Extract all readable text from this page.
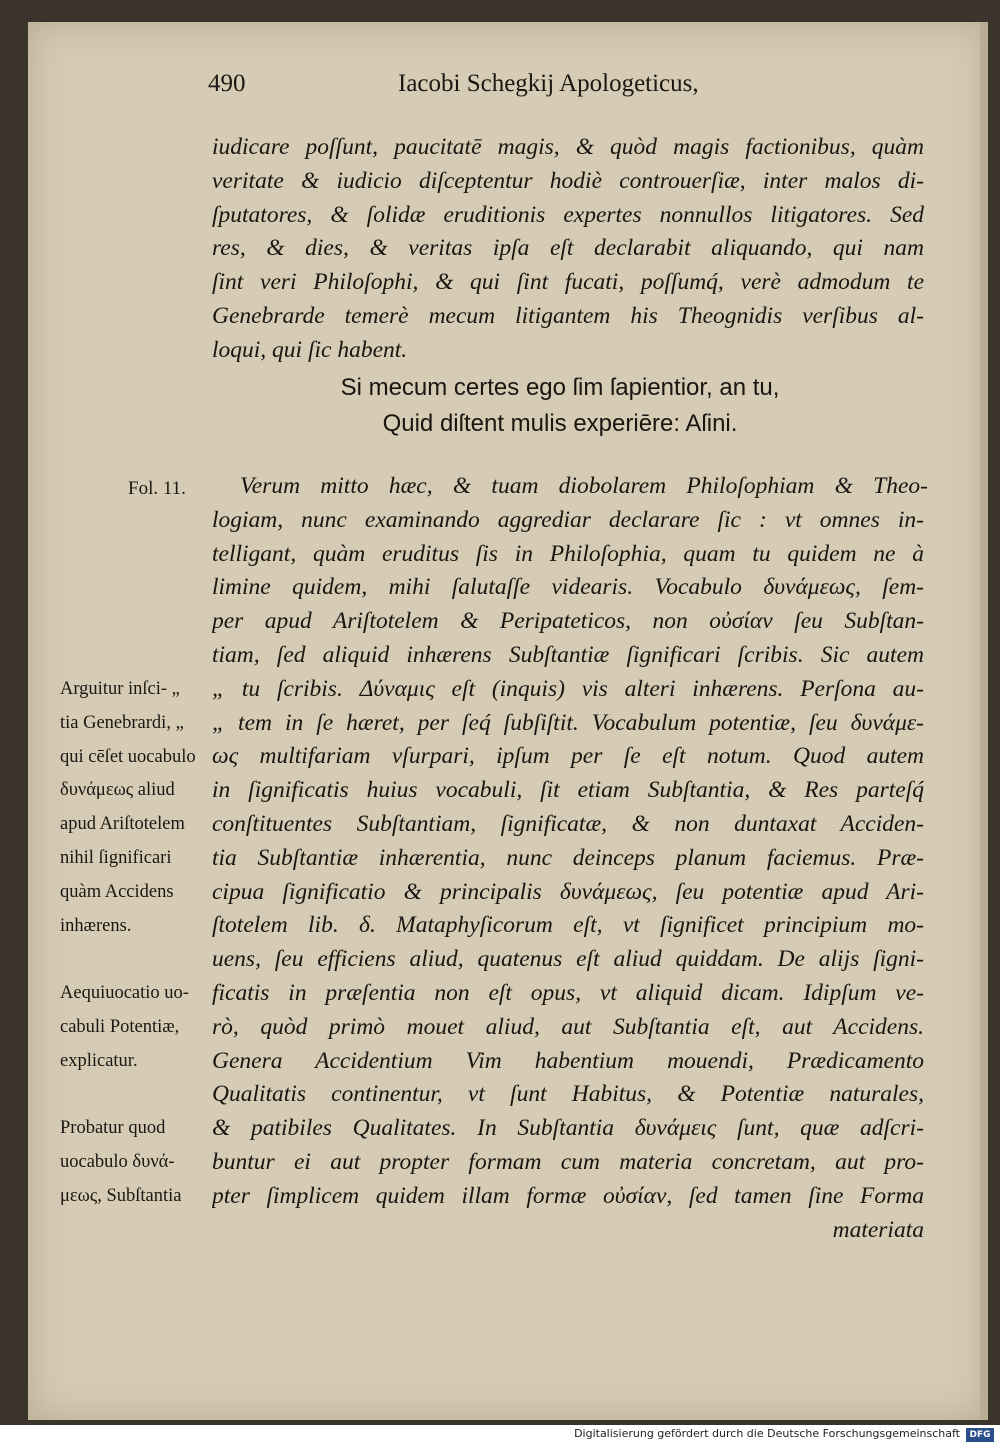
490	Iacobi Schegkij Apologeticus,
iudicare poſſunt, paucitatē magis, & quòd magis factionibus, quàm
veritate & iudicio diſceptentur hodiè controuerſiæ, inter malos di-
ſputatores, & ſolidæ eruditionis expertes nonnullos litigatores. Sed
res, & dies, & veritas ipſa eſt declarabit aliquando, qui nam
ſint veri Philoſophi, & qui ſint fucati, poſſumq́, verè admodum te
Genebrarde temerè mecum litigantem his Theognidis verſibus al-
loqui, qui ſic habent.
Si mecum certes ego ſim ſapientior, an tu,
Quid diſtent mulis experiēre: Aſini.
Fol. 11.	Verum mitto hæc, & tuam diobolarem Philoſophiam & Theo-
logiam, nunc examinando aggrediar declarare ſic : vt omnes in-
telligant, quàm eruditus ſis in Philoſophia, quam tu quidem ne à
limine quidem, mihi ſalutaſſe videaris. Vocabulo δυνάμεως, ſem-
per apud Ariſtotelem & Peripateticos, non οὐσίαν ſeu Subſtan-
tiam, ſed aliquid inhærens Subſtantiæ ſignificari ſcribis. Sic autem
„ tu ſcribis. Δύναμις eſt (inquis) vis alteri inhærens. Perſona au-
„ tem in ſe hæret, per ſeq́ ſubſiſtit. Vocabulum potentiæ, ſeu δυνάμε-
ως multifariam vſurpari, ipſum per ſe eſt notum. Quod autem
in ſignificatis huius vocabuli, ſit etiam Subſtantia, & Res parteſq́
conſtituentes Subſtantiam, ſignificatæ, & non duntaxat Acciden-
tia Subſtantiæ inhærentia, nunc deinceps planum faciemus. Præ-
cipua ſignificatio & principalis δυνάμεως, ſeu potentiæ apud Ari-
ſtotelem lib. δ. Mataphyſicorum eſt, vt ſignificet principium mo-
uens, ſeu efficiens aliud, quatenus eſt aliud quiddam. De alijs ſigni-
ficatis in præſentia non eſt opus, vt aliquid dicam. Idipſum ve-
rò, quòd primò mouet aliud, aut Subſtantia eſt, aut Accidens.
Genera Accidentium Vim habentium mouendi, Prædicamento
Qualitatis continentur, vt ſunt Habitus, & Potentiæ naturales,
& patibiles Qualitates. In Subſtantia δυνάμεις ſunt, quæ adſcri-
buntur ei aut propter formam cum materia concretam, aut pro-
pter ſimplicem quidem illam formæ οὐσίαν, ſed tamen ſine Forma
materiata
Arguitur inſci- „
tia Genebrardi, „
qui cēſet uocabulo
δυνάμεως aliud
apud Ariſtotelem
nihil ſignificari
quàm Accidens
inhærens.
Aequiuocatio uo-
cabuli Potentiæ,
explicatur.
Probatur quod
uocabulo δυνά-
μεως, Subſtantia
Digitalisierung gefördert durch die Deutsche Forschungsgemeinschaft	DFG
